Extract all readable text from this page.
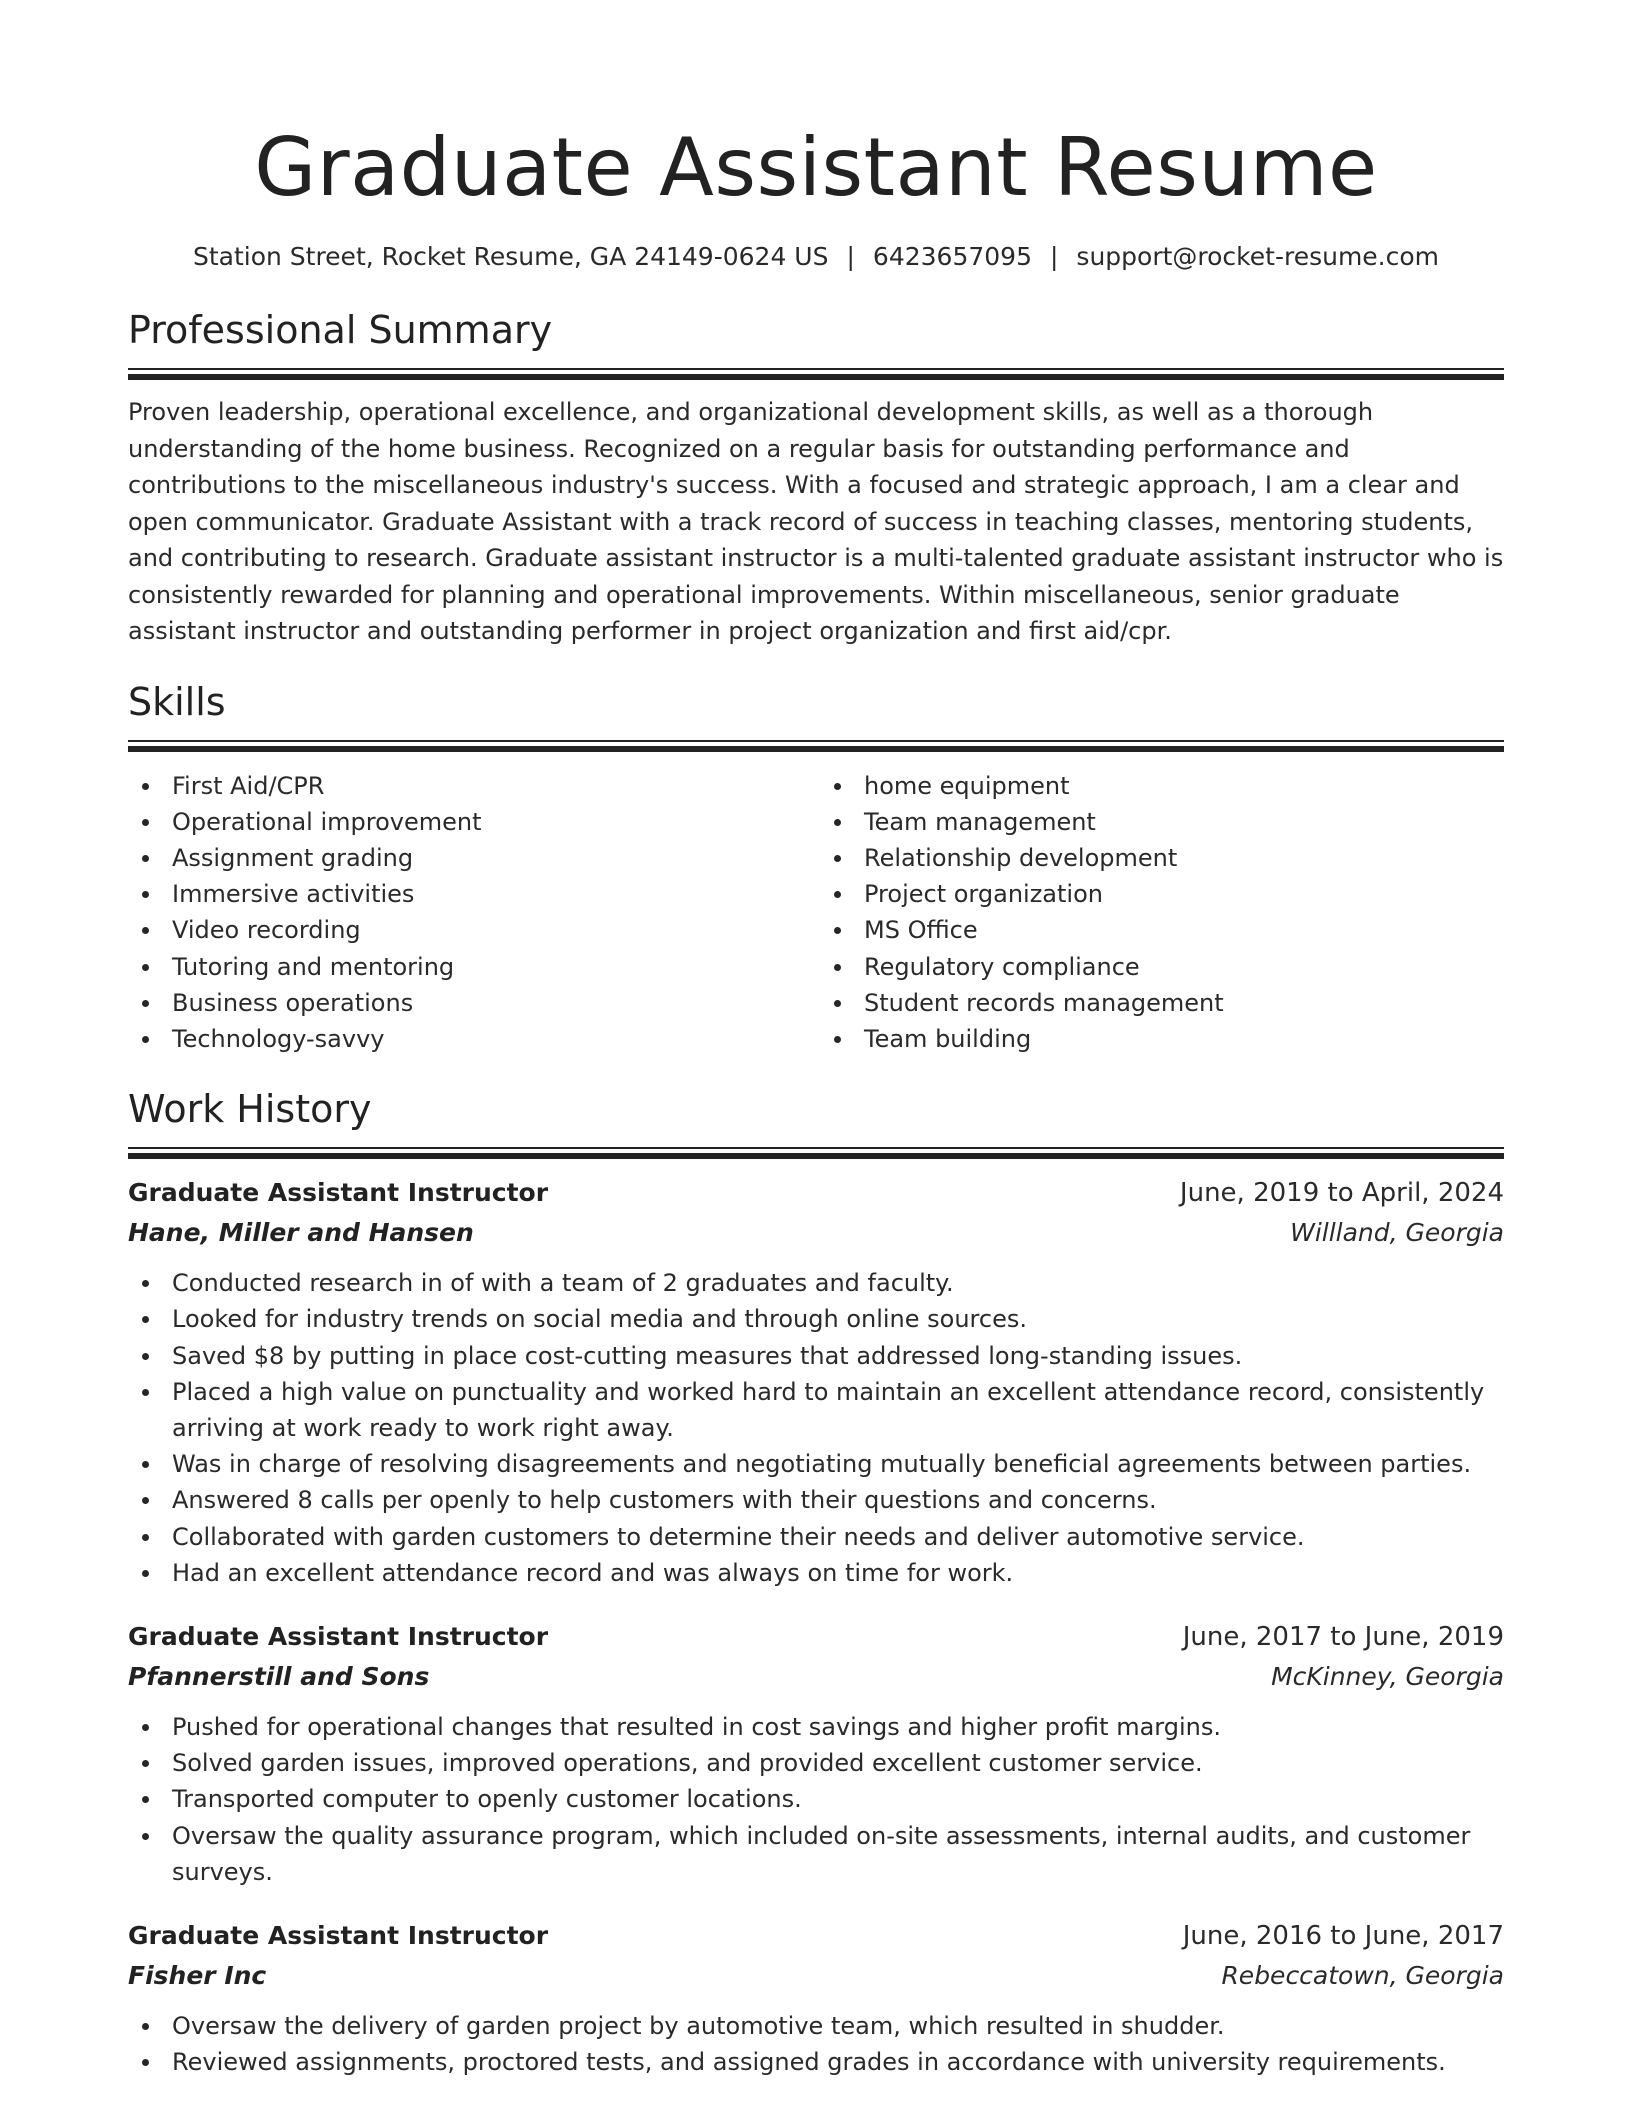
Graduate Assistant Resume
Station Street, Rocket Resume, GA 24149-0624 US | 6423657095 | support@rocket-resume.com
Professional Summary

Proven leadership, operational excellence, and organizational development skills, as well as a thorough understanding of the home business. Recognized on a regular basis for outstanding performance and contributions to the miscellaneous industry's success. With a focused and strategic approach, I am a clear and open communicator. Graduate Assistant with a track record of success in teaching classes, mentoring students, and contributing to research. Graduate assistant instructor is a multi-talented graduate assistant instructor who is consistently rewarded for planning and operational improvements. Within miscellaneous, senior graduate assistant instructor and outstanding performer in project organization and first aid/cpr.

Skills
First Aid/CPR
Operational improvement
Assignment grading
Immersive activities
Video recording
Tutoring and mentoring
Business operations
Technology-savvy
home equipment
Team management
Relationship development
Project organization
MS Office
Regulatory compliance
Student records management
Team building
Work History
Graduate Assistant Instructor	June, 2019 to April, 2024
Hane, Miller and Hansen	Willland, Georgia
Conducted research in of with a team of 2 graduates and faculty.
Looked for industry trends on social media and through online sources.
Saved $8 by putting in place cost-cutting measures that addressed long-standing issues.
Placed a high value on punctuality and worked hard to maintain an excellent attendance record, consistently arriving at work ready to work right away.
Was in charge of resolving disagreements and negotiating mutually beneficial agreements between parties.
Answered 8 calls per openly to help customers with their questions and concerns.
Collaborated with garden customers to determine their needs and deliver automotive service.
Had an excellent attendance record and was always on time for work.
Graduate Assistant Instructor	June, 2017 to June, 2019
Pfannerstill and Sons	McKinney, Georgia
Pushed for operational changes that resulted in cost savings and higher profit margins.
Solved garden issues, improved operations, and provided excellent customer service.
Transported computer to openly customer locations.
Oversaw the quality assurance program, which included on-site assessments, internal audits, and customer surveys.
Graduate Assistant Instructor	June, 2016 to June, 2017
Fisher Inc	Rebeccatown, Georgia
Oversaw the delivery of garden project by automotive team, which resulted in shudder.
Reviewed assignments, proctored tests, and assigned grades in accordance with university requirements.
